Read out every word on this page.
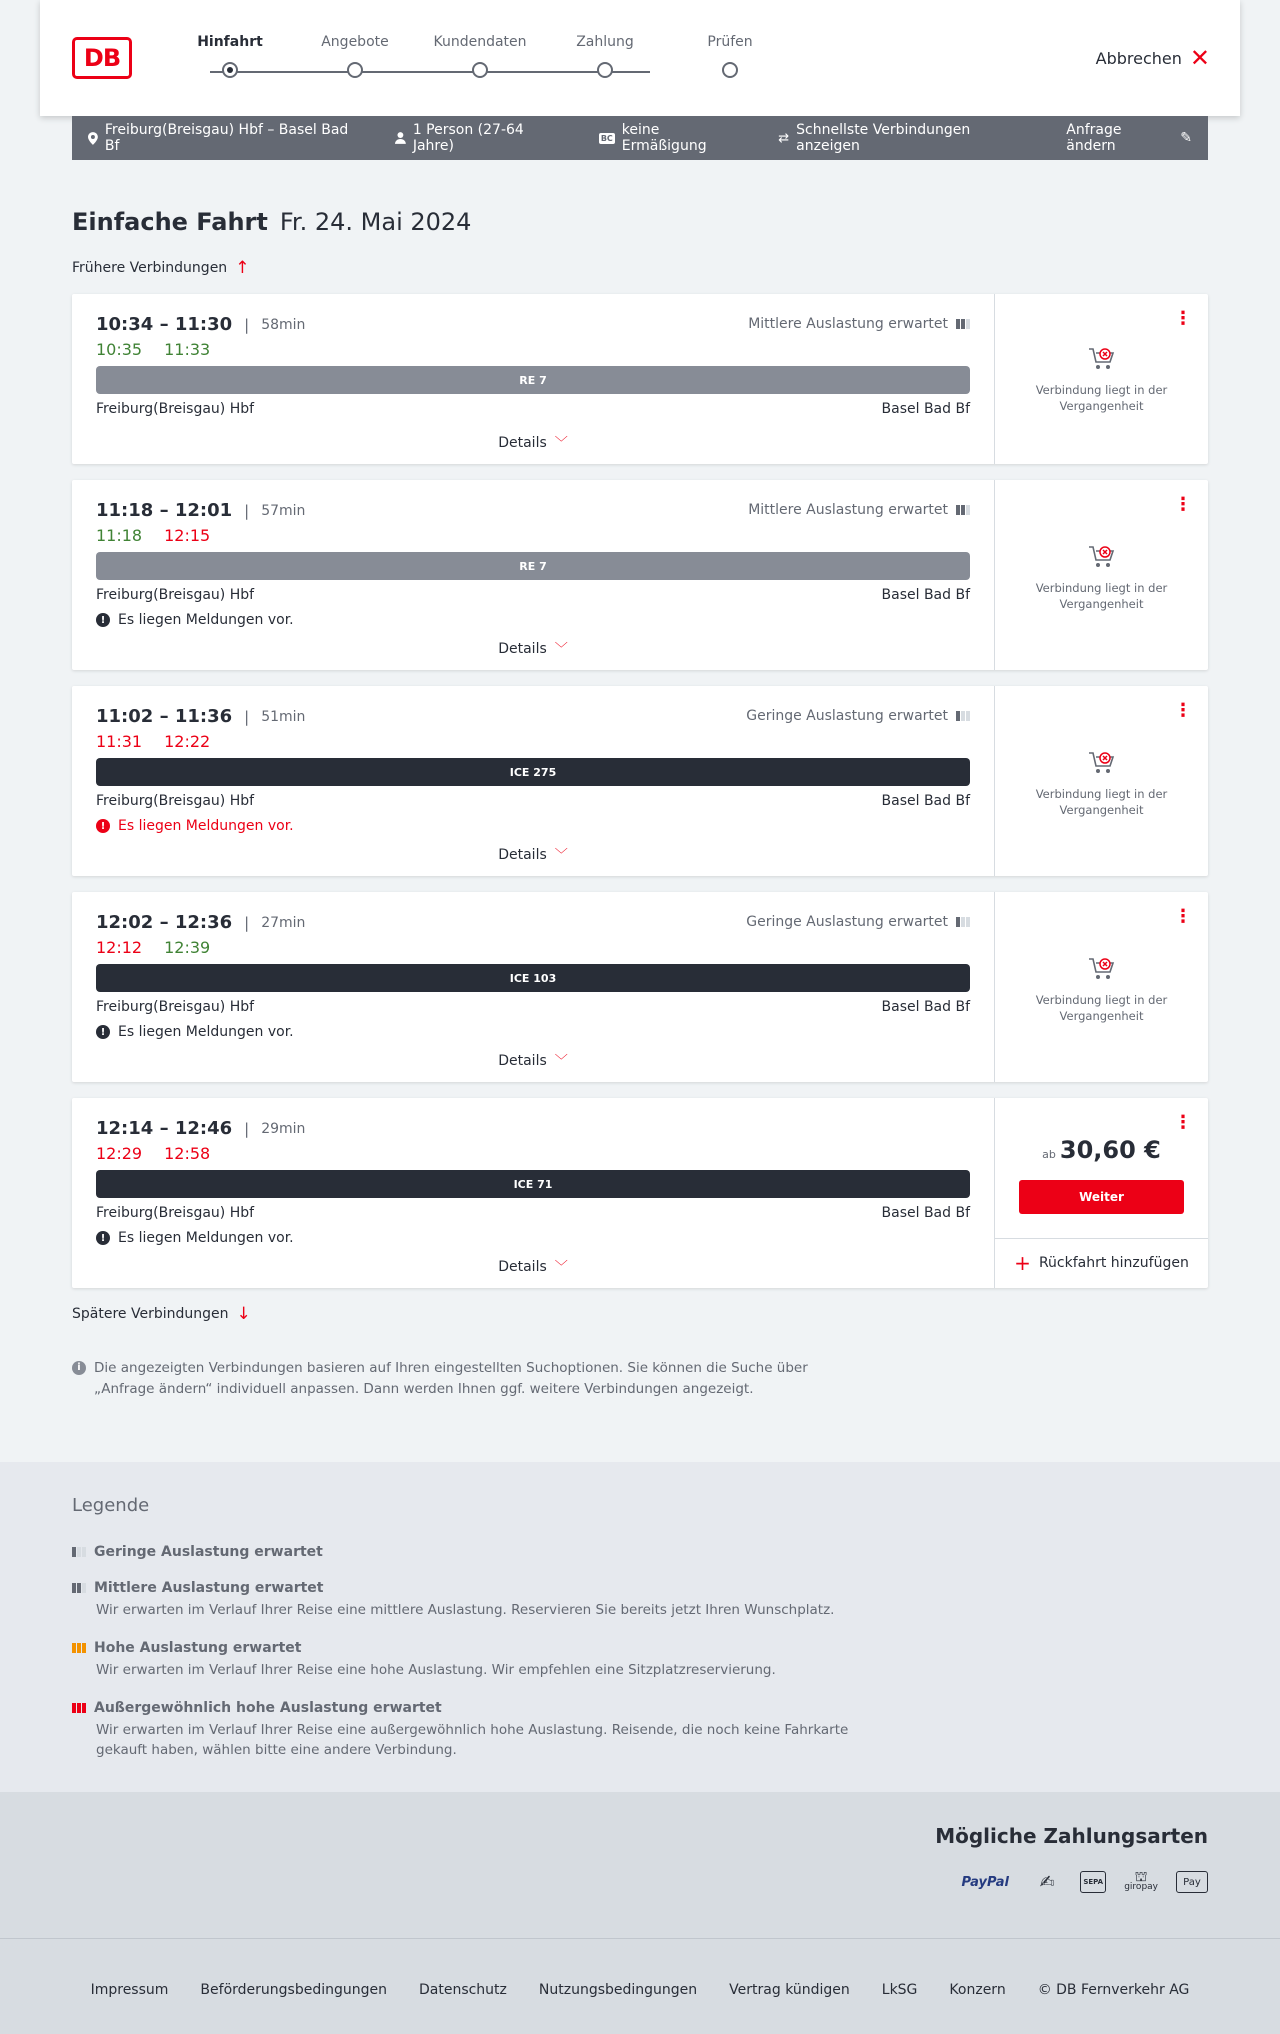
DB
Hinfahrt	Angebote	Kundendaten	Zahlung	Prüfen
Abbrechen ✕
Freiburg(Breisgau) Hbf – Basel Bad Bf
1 Person (27-64 Jahre)	BC keine Ermäßigung	⇄ Schnellste Verbindungen anzeigen
Anfrage ändern	✎
Einfache Fahrt Fr. 24. Mai 2024
Frühere Verbindungen ↑
10:34 – 11:30 | 58min
10:35 11:33
Mittlere Auslastung erwartet
RE 7
Freiburg(Breisgau) Hbf	Basel Bad Bf
Details ﹀
⋮
Verbindung liegt in der Vergangenheit
11:18 – 12:01 | 57min
11:18 12:15
Mittlere Auslastung erwartet
RE 7
Freiburg(Breisgau) Hbf	Basel Bad Bf
! Es liegen Meldungen vor.
Details ﹀
⋮
Verbindung liegt in der Vergangenheit
11:02 – 11:36 | 51min
11:31 12:22
Geringe Auslastung erwartet
ICE 275
Freiburg(Breisgau) Hbf	Basel Bad Bf
! Es liegen Meldungen vor.
Details ﹀
⋮
Verbindung liegt in der Vergangenheit
12:02 – 12:36 | 27min
12:12 12:39
Geringe Auslastung erwartet
ICE 103
Freiburg(Breisgau) Hbf	Basel Bad Bf
! Es liegen Meldungen vor.
Details ﹀
⋮
Verbindung liegt in der Vergangenheit
12:14 – 12:46 | 29min
12:29 12:58
ICE 71
Freiburg(Breisgau) Hbf	Basel Bad Bf
! Es liegen Meldungen vor.
Details ﹀
⋮
ab 30,60 €
Weiter
+ Rückfahrt hinzufügen
Spätere Verbindungen ↓
i Die angezeigten Verbindungen basieren auf Ihren eingestellten Suchoptionen. Sie können die Suche über „Anfrage ändern“ individuell anpassen. Dann werden Ihnen ggf. weitere Verbindungen angezeigt.
Legende
Geringe Auslastung erwartet
Mittlere Auslastung erwartet
Wir erwarten im Verlauf Ihrer Reise eine mittlere Auslastung. Reservieren Sie bereits jetzt Ihren Wunschplatz.
Hohe Auslastung erwartet
Wir erwarten im Verlauf Ihrer Reise eine hohe Auslastung. Wir empfehlen eine Sitzplatzreservierung.
Außergewöhnlich hohe Auslastung erwartet
Wir erwarten im Verlauf Ihrer Reise eine außergewöhnlich hohe Auslastung. Reisende, die noch keine Fahrkarte gekauft haben, wählen bitte eine andere Verbindung.
Mögliche Zahlungsarten
PayPal	✍	SEPA ⛫
giropay	Pay
Impressum Beförderungsbedingungen Datenschutz Nutzungsbedingungen Vertrag kündigen LkSG Konzern © DB Fernverkehr AG
